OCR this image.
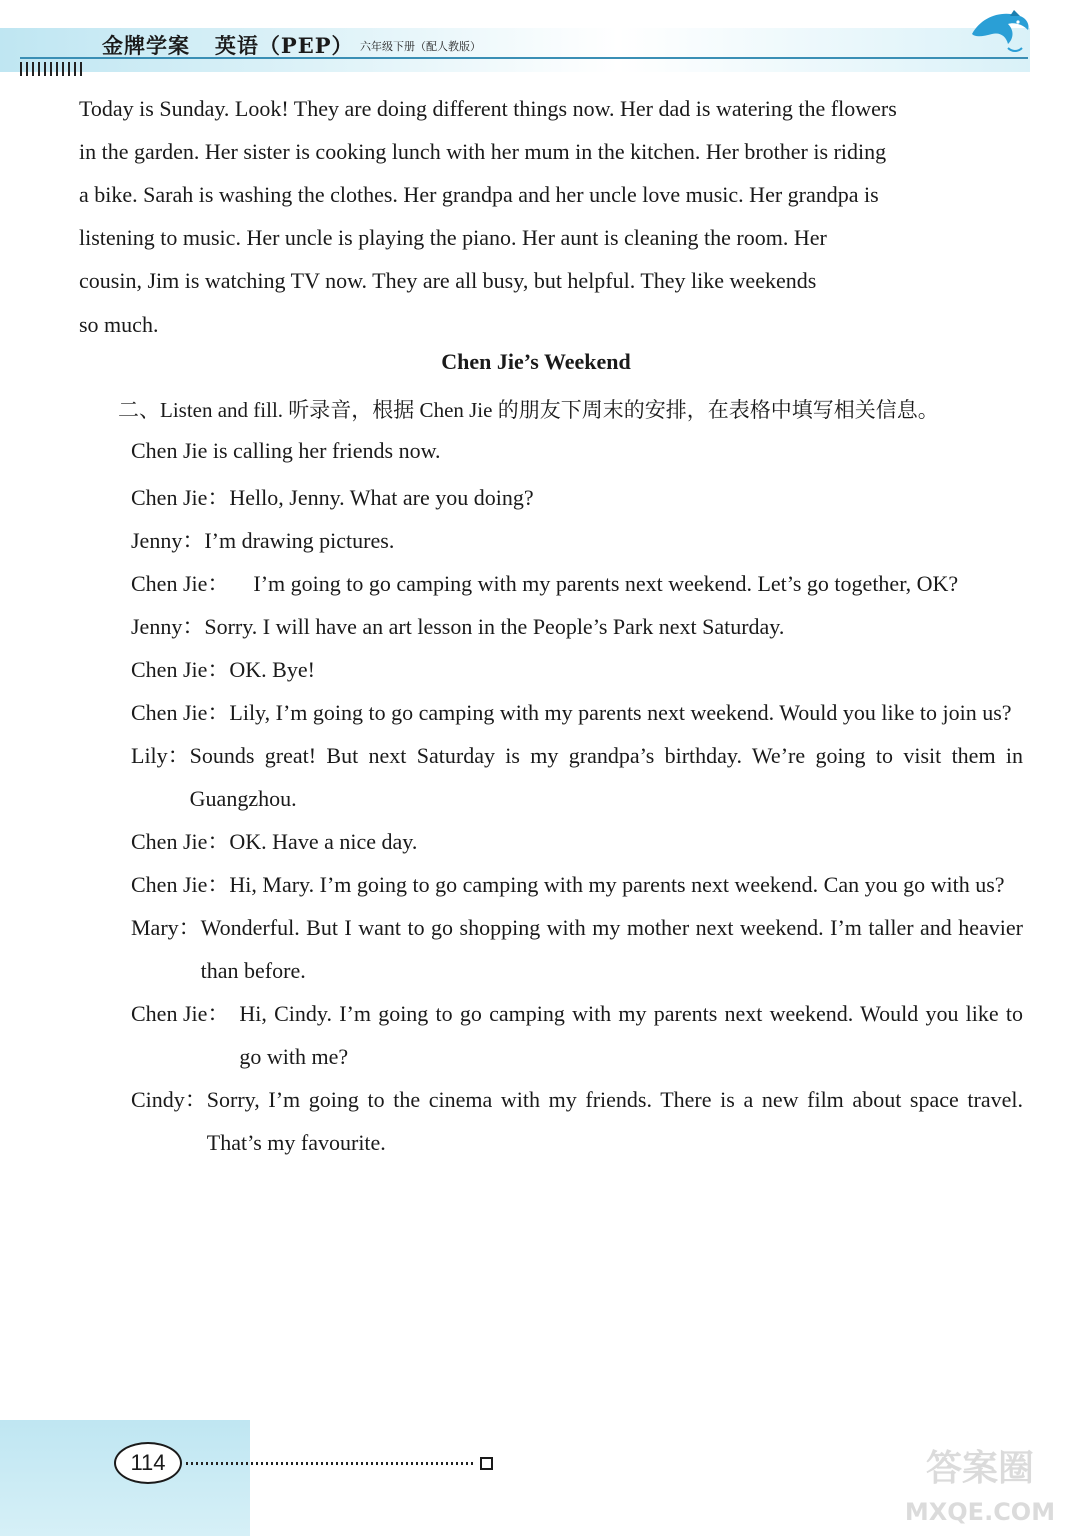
金牌学案   英语（PEP） 六年级下册（配人教版）

Today is Sunday. Look! They are doing different things now. Her dad is watering the flowers

in the garden. Her sister is cooking lunch with her mum in the kitchen. Her brother is riding

a bike. Sarah is washing the clothes. Her grandpa and her uncle love music. Her grandpa is

listening to music. Her uncle is playing the piano. Her aunt is cleaning the room. Her

cousin, Jim is watching TV now. They are all busy, but helpful. They like weekends

so much.

Chen Jie’s Weekend

二、Listen and fill. 听录音，根据 Chen Jie 的朋友下周末的安排，在表格中填写相关信息。

Chen Jie is calling her friends now.

Chen Jie： Hello, Jenny. What are you doing?
Jenny： I’m drawing pictures.
Chen Jie： I’m going to go camping with my parents next weekend. Let’s go together, OK?
Jenny： Sorry. I will have an art lesson in the People’s Park next Saturday.
Chen Jie： OK. Bye!
Chen Jie： Lily, I’m going to go camping with my parents next weekend. Would you like to join us?
Lily： Sounds great! But next Saturday is my grandpa’s birthday. We’re going to visit them in Guangzhou.
Chen Jie： OK. Have a nice day.
Chen Jie： Hi, Mary. I’m going to go camping with my parents next weekend. Can you go with us?
Mary： Wonderful. But I want to go shopping with my mother next weekend. I’m taller and heavier than before.
Chen Jie： Hi, Cindy. I’m going to go camping with my parents next weekend. Would you like to go with me?
Cindy： Sorry, I’m going to the cinema with my friends. There is a new film about space travel. That’s my favourite.
114	答案圈
MXQE.COM
